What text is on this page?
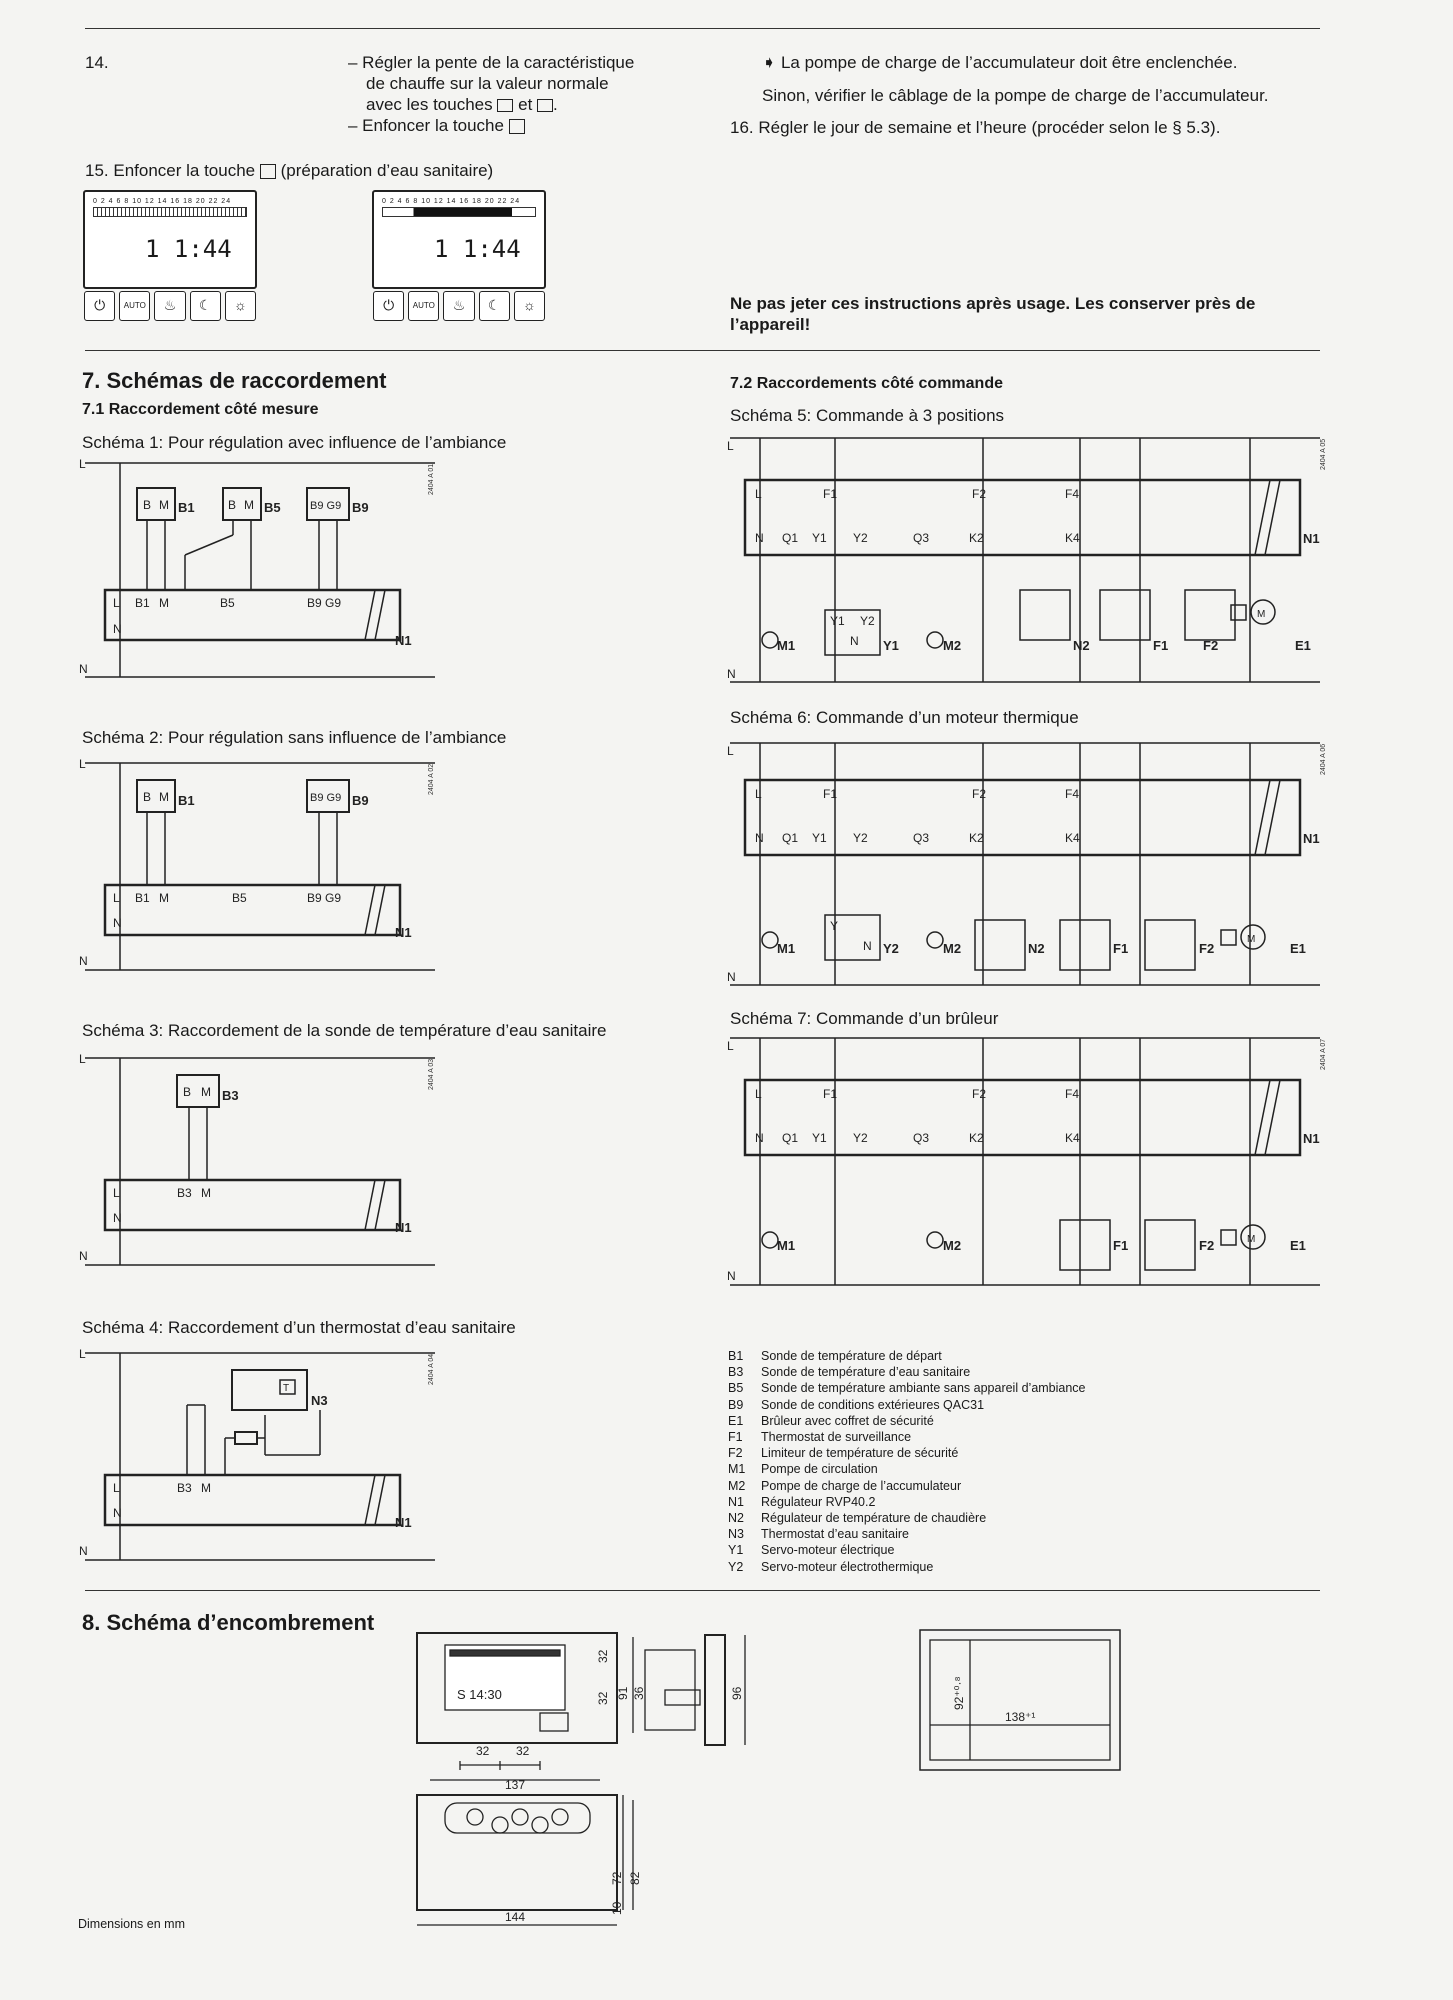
14.	– Régler la pente de la caractéristique
de chauffe sur la valeur normale
avec les touches et .
– Enfoncer la touche
➧ La pompe de charge de l’accumulateur doit être enclenchée.
Sinon, vérifier le câblage de la pompe de charge de l’accumulateur.
16. Régler le jour de semaine et l’heure (procéder selon le § 5.3).
15. Enfoncer la touche (préparation d’eau sanitaire)
0 2 4 6 8 10 12 14 16 18 20 22 24
1 1:44
⏻	AUTO	♨	☾	☼
0 2 4 6 8 10 12 14 16 18 20 22 24
1 1:44
⏻	AUTO	♨	☾	☼	Ne pas jeter ces instructions après usage. Les conserver près de l’appareil!
7. Schémas de raccordement
7.1 Raccordement côté mesure
7.2 Raccordements côté commande
Schéma 1: Pour régulation avec influence de l’ambiance
Schéma 2: Pour régulation sans influence de l’ambiance
Schéma 3: Raccordement de la sonde de température d’eau sanitaire
Schéma 4: Raccordement d’un thermostat d’eau sanitaire
Schéma 5: Commande à 3 positions
Schéma 6: Commande d’un moteur thermique
Schéma 7: Commande d’un brûleur
L
N
B M B1	B M B5	B9 G9 B9
L B1 M	B5	B9 G9
N
N1
2404 A 01
L
N
B M B1	B9 G9 B9
L B1 M	B5	B9 G9
N
N1
2404 A 02
L
N
B M B3
L	B3 M
N
N1
2404 A 03
L
N
T
N3
L	B3 M
N
N1
2404 A 04
L
N
L	F1	F2	F4
N Q1 Y1 Y2	Q3	K2	K4	N1
Y1 Y2
N Y1
M1	M2	N2	F1	F2
M
E1
2404 A 05
L
N
L	F1	F2	F4
N Q1 Y1 Y2	Q3	K2	K4	N1
Y
N Y2
M1	M2	N2	F1	F2
M
E1
2404 A 06
L
N
L	F1	F2	F4
N Q1 Y1 Y2	Q3	K2	K4	N1
M1	M2	F1	F2	M	E1
2404 A 07
B1 Sonde de température de départ
B3 Sonde de température d’eau sanitaire
B5 Sonde de température ambiante sans appareil d’ambiance
B9 Sonde de conditions extérieures QAC31
E1 Brûleur avec coffret de sécurité
F1 Thermostat de surveillance
F2 Limiteur de température de sécurité
M1 Pompe de circulation
M2 Pompe de charge de l’accumulateur
N1 Régulateur RVP40.2
N2 Régulateur de température de chaudière
N3 Thermostat d’eau sanitaire
Y1 Servo-moteur électrique
Y2 Servo-moteur électrothermique
8. Schéma d’encombrement
S 14:30
32 32
32
32 91 36	96
137
72 82
10
144
92⁺⁰·⁸
138⁺¹
Dimensions en mm
